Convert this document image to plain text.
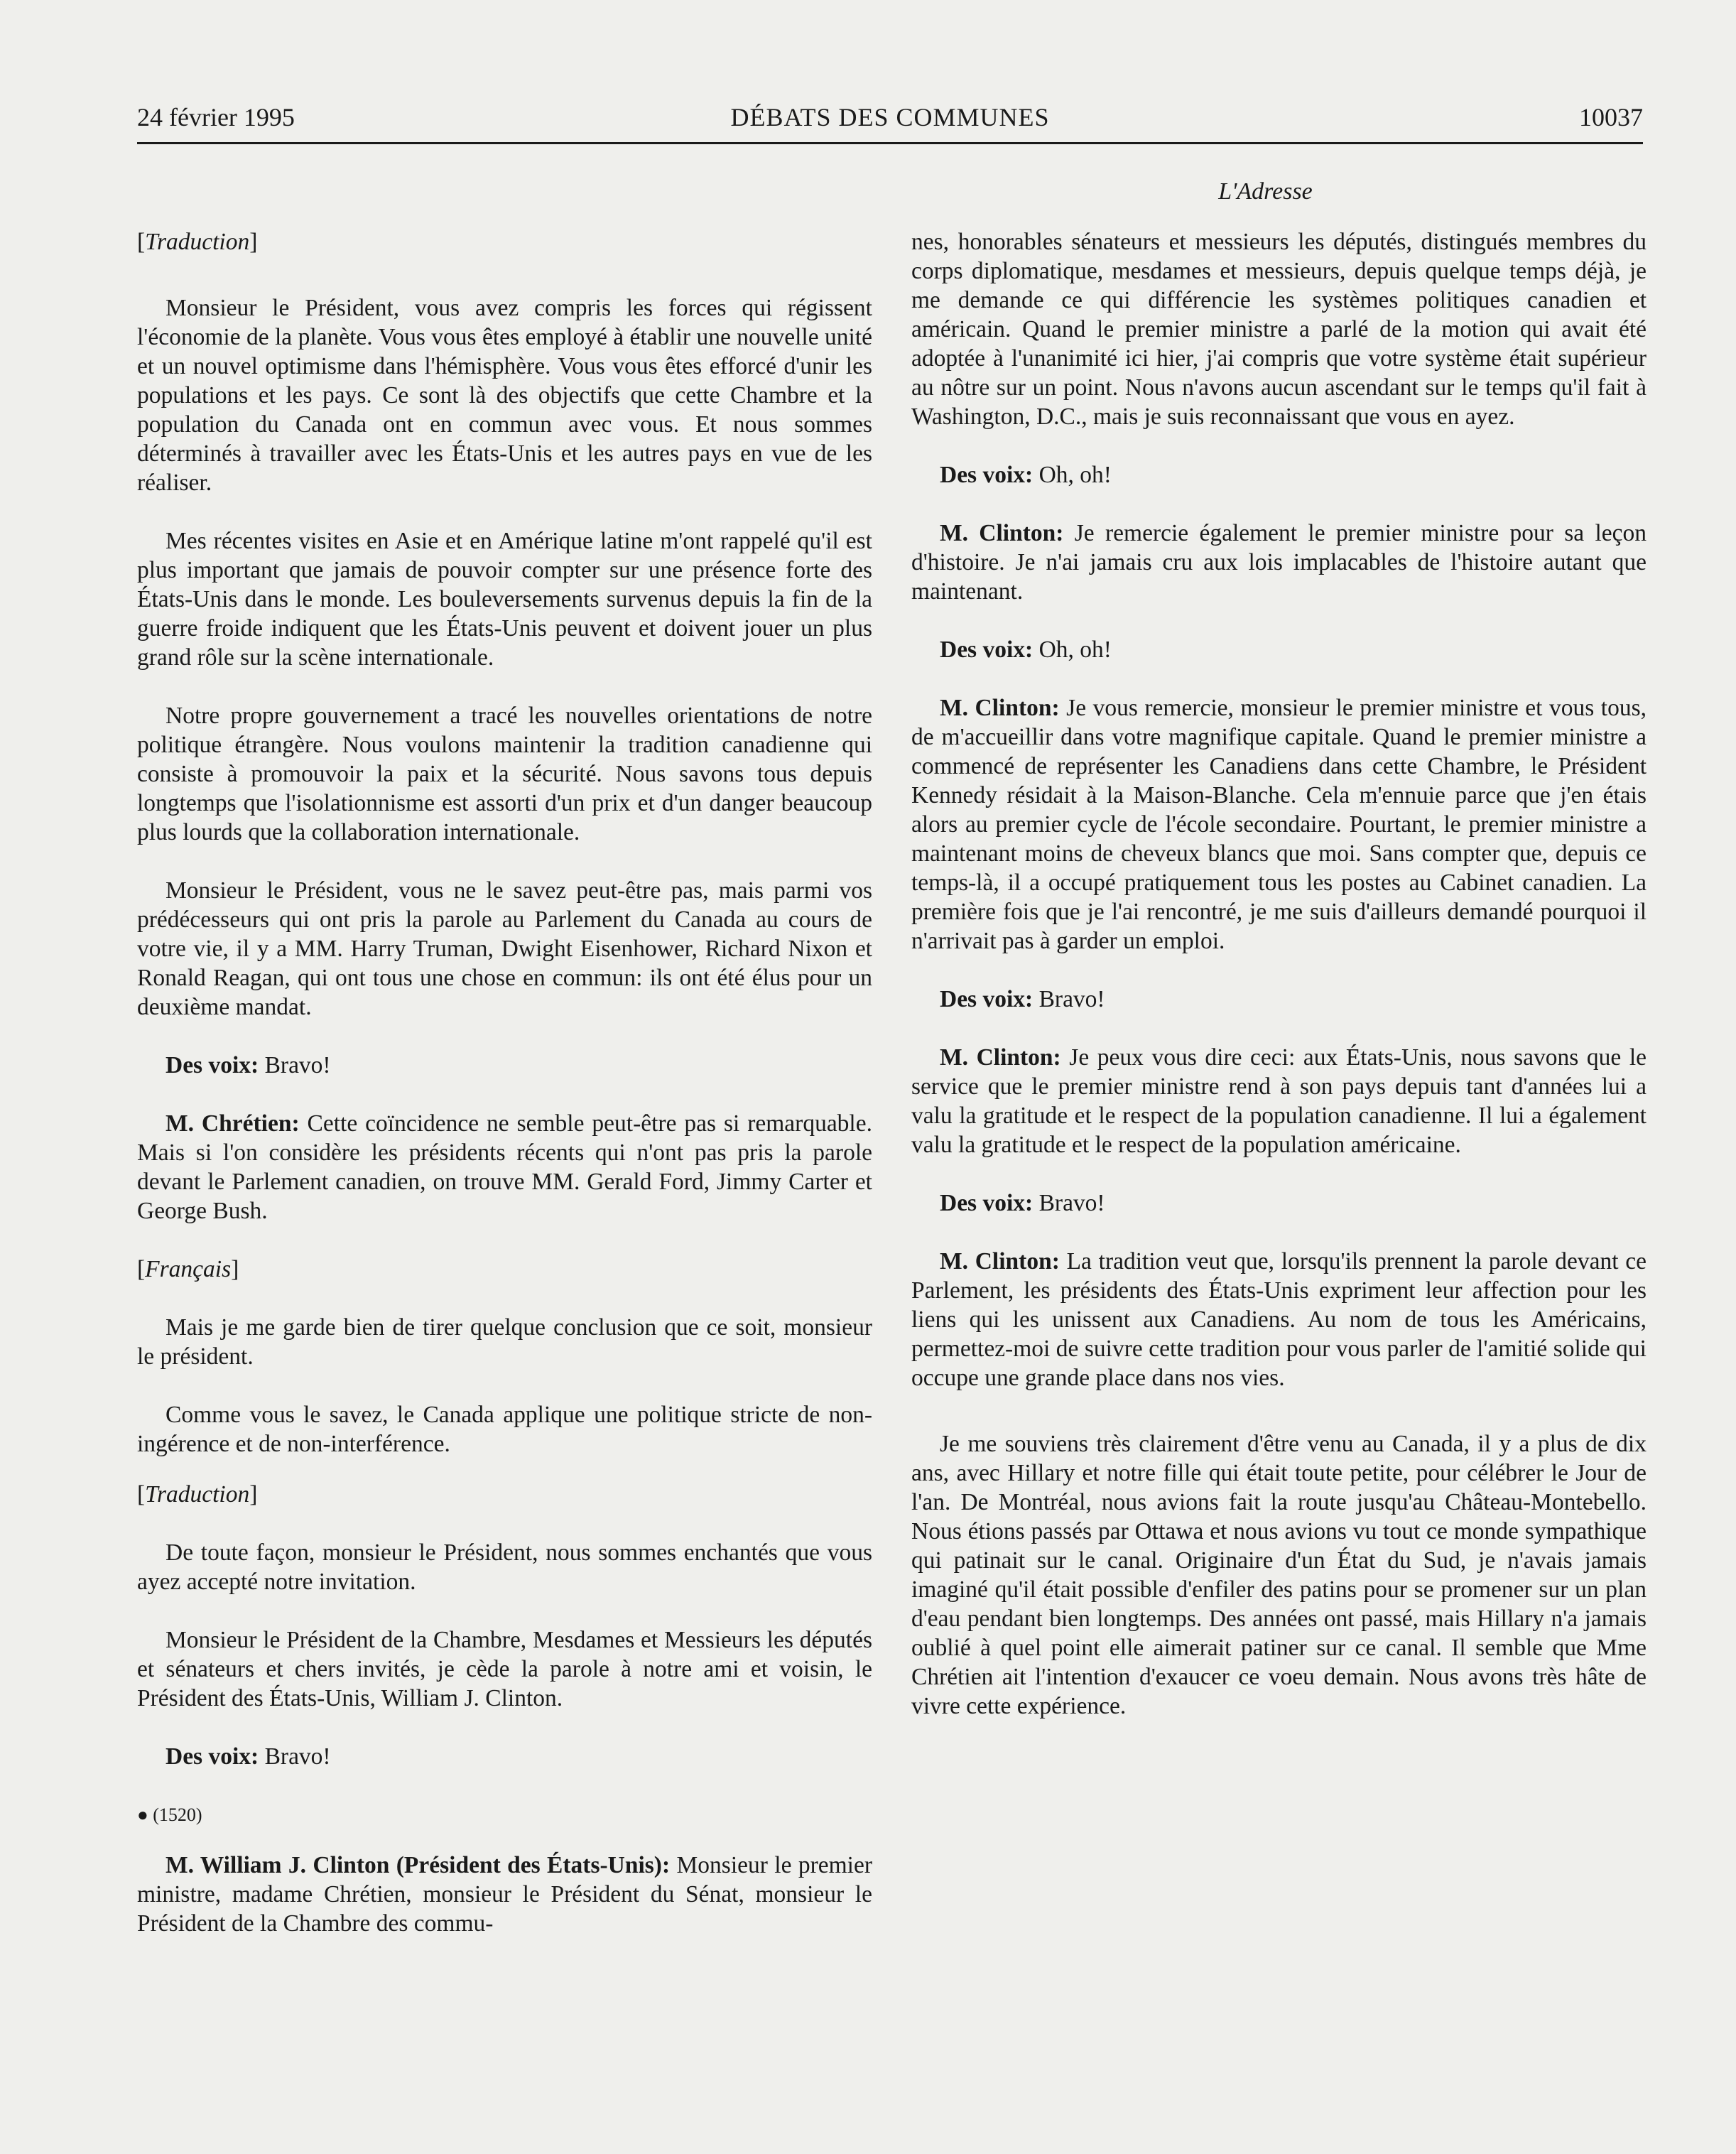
DÉBATS DES COMMUNES
24 février 1995	10037
L'Adresse

[ Traduction ]

Monsieur le Président, vous avez compris les forces qui régissent l'économie de la planète. Vous vous êtes employé à établir une nouvelle unité et un nouvel optimisme dans l'hémisphère. Vous vous êtes efforcé d'unir les populations et les pays. Ce sont là des objectifs que cette Chambre et la population du Canada ont en commun avec vous. Et nous sommes déterminés à travailler avec les États-Unis et les autres pays en vue de les réaliser.

Mes récentes visites en Asie et en Amérique latine m'ont rappelé qu'il est plus important que jamais de pouvoir compter sur une présence forte des États-Unis dans le monde. Les bouleversements survenus depuis la fin de la guerre froide indiquent que les États-Unis peuvent et doivent jouer un plus grand rôle sur la scène internationale.

Notre propre gouvernement a tracé les nouvelles orientations de notre politique étrangère. Nous voulons maintenir la tradition canadienne qui consiste à promouvoir la paix et la sécurité. Nous savons tous depuis longtemps que l'isolationnisme est assorti d'un prix et d'un danger beaucoup plus lourds que la collaboration internationale.

Monsieur le Président, vous ne le savez peut-être pas, mais parmi vos prédécesseurs qui ont pris la parole au Parlement du Canada au cours de votre vie, il y a MM. Harry Truman, Dwight Eisenhower, Richard Nixon et Ronald Reagan, qui ont tous une chose en commun: ils ont été élus pour un deuxième mandat.

Des voix: Bravo!

M. Chrétien: Cette coïncidence ne semble peut-être pas si remarquable. Mais si l'on considère les présidents récents qui n'ont pas pris la parole devant le Parlement canadien, on trouve MM. Gerald Ford, Jimmy Carter et George Bush.

[ Français ]

Mais je me garde bien de tirer quelque conclusion que ce soit, monsieur le président.

Comme vous le savez, le Canada applique une politique stricte de non-ingérence et de non-interférence.

[ Traduction ]

De toute façon, monsieur le Président, nous sommes enchantés que vous ayez accepté notre invitation.

Monsieur le Président de la Chambre, Mesdames et Messieurs les députés et sénateurs et chers invités, je cède la parole à notre ami et voisin, le Président des États-Unis, William J. Clinton.

Des voix: Bravo!

● (1520)

M. William J. Clinton (Président des États-Unis): Monsieur le premier ministre, madame Chrétien, monsieur le Président du Sénat, monsieur le Président de la Chambre des commu-

nes, honorables sénateurs et messieurs les députés, distingués membres du corps diplomatique, mesdames et messieurs, depuis quelque temps déjà, je me demande ce qui différencie les systèmes politiques canadien et américain. Quand le premier ministre a parlé de la motion qui avait été adoptée à l'unanimité ici hier, j'ai compris que votre système était supérieur au nôtre sur un point. Nous n'avons aucun ascendant sur le temps qu'il fait à Washington, D.C., mais je suis reconnaissant que vous en ayez.

Des voix: Oh, oh!

M. Clinton: Je remercie également le premier ministre pour sa leçon d'histoire. Je n'ai jamais cru aux lois implacables de l'histoire autant que maintenant.

Des voix: Oh, oh!

M. Clinton: Je vous remercie, monsieur le premier ministre et vous tous, de m'accueillir dans votre magnifique capitale. Quand le premier ministre a commencé de représenter les Canadiens dans cette Chambre, le Président Kennedy résidait à la Maison-Blanche. Cela m'ennuie parce que j'en étais alors au premier cycle de l'école secondaire. Pourtant, le premier ministre a maintenant moins de cheveux blancs que moi. Sans compter que, depuis ce temps-là, il a occupé pratiquement tous les postes au Cabinet canadien. La première fois que je l'ai rencontré, je me suis d'ailleurs demandé pourquoi il n'arrivait pas à garder un emploi.

Des voix: Bravo!

M. Clinton: Je peux vous dire ceci: aux États-Unis, nous savons que le service que le premier ministre rend à son pays depuis tant d'années lui a valu la gratitude et le respect de la population canadienne. Il lui a également valu la gratitude et le respect de la population américaine.

Des voix: Bravo!

M. Clinton: La tradition veut que, lorsqu'ils prennent la parole devant ce Parlement, les présidents des États-Unis expriment leur affection pour les liens qui les unissent aux Canadiens. Au nom de tous les Américains, permettez-moi de suivre cette tradition pour vous parler de l'amitié solide qui occupe une grande place dans nos vies.

Je me souviens très clairement d'être venu au Canada, il y a plus de dix ans, avec Hillary et notre fille qui était toute petite, pour célébrer le Jour de l'an. De Montréal, nous avions fait la route jusqu'au Château-Montebello. Nous étions passés par Ottawa et nous avions vu tout ce monde sympathique qui patinait sur le canal. Originaire d'un État du Sud, je n'avais jamais imaginé qu'il était possible d'enfiler des patins pour se promener sur un plan d'eau pendant bien longtemps. Des années ont passé, mais Hillary n'a jamais oublié à quel point elle aimerait patiner sur ce canal. Il semble que Mme Chrétien ait l'intention d'exaucer ce voeu demain. Nous avons très hâte de vivre cette expérience.
